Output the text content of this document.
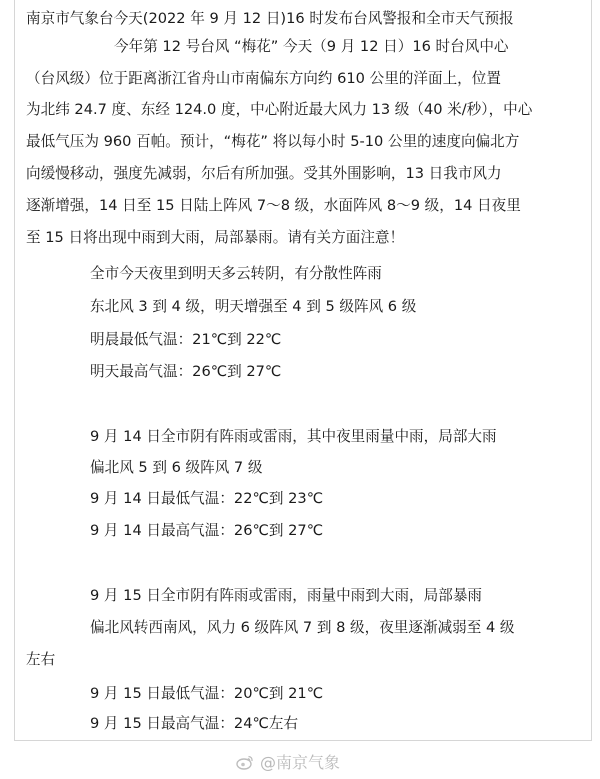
南京市气象台今天(2022 年 9 月 12 日)16 时发布台风警报和全市天气预报
今年第 12 号台风 “梅花” 今天（9 月 12 日）16 时台风中心
（台风级）位于距离浙江省舟山市南偏东方向约 610 公里的洋面上，位置
为北纬 24.7 度、东经 124.0 度，中心附近最大风力 13 级（40 米/秒），中心
最低气压为 960 百帕。预计，“梅花” 将以每小时 5-10 公里的速度向偏北方
向缓慢移动，强度先减弱，尔后有所加强。受其外围影响，13 日我市风力
逐渐增强，14 日至 15 日陆上阵风 7～8 级，水面阵风 8～9 级，14 日夜里
至 15 日将出现中雨到大雨，局部暴雨。请有关方面注意！
全市今天夜里到明天多云转阴，有分散性阵雨
东北风 3 到 4 级，明天增强至 4 到 5 级阵风 6 级
明晨最低气温：21℃到 22℃
明天最高气温：26℃到 27℃
9 月 14 日全市阴有阵雨或雷雨，其中夜里雨量中雨，局部大雨
偏北风 5 到 6 级阵风 7 级
9 月 14 日最低气温：22℃到 23℃
9 月 14 日最高气温：26℃到 27℃
9 月 15 日全市阴有阵雨或雷雨，雨量中雨到大雨，局部暴雨
偏北风转西南风，风力 6 级阵风 7 到 8 级，夜里逐渐减弱至 4 级
左右
9 月 15 日最低气温：20℃到 21℃
9 月 15 日最高气温：24℃左右
@南京气象
